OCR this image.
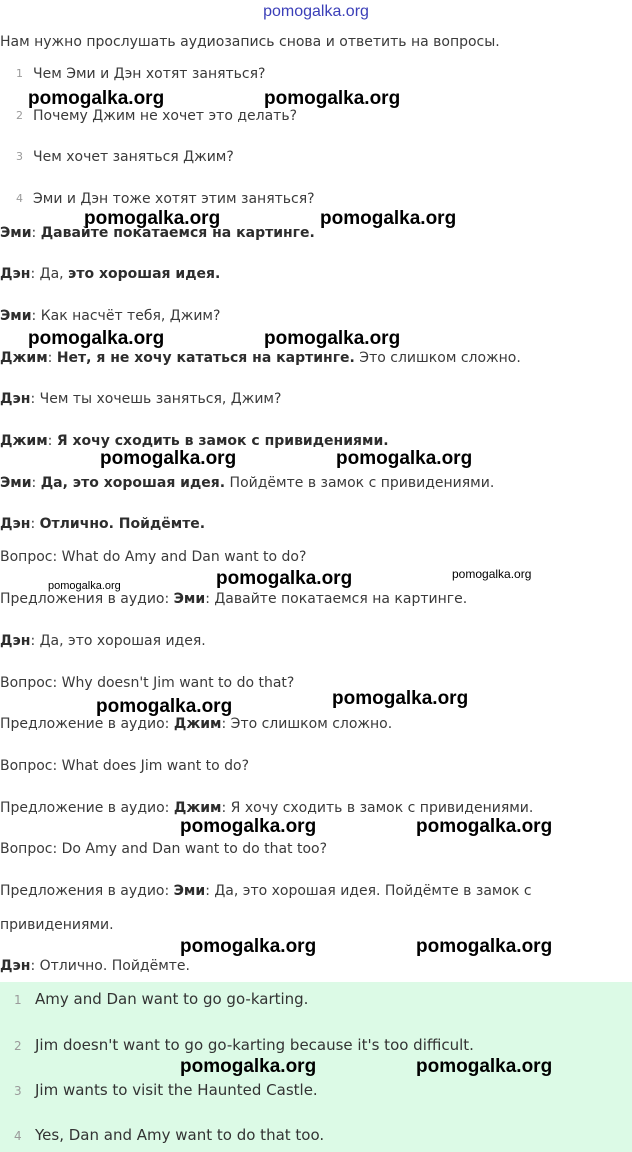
pomogalka.org
Нам нужно прослушать аудиозапись снова и ответить на вопросы.
1 Чем Эми и Дэн хотят заняться?
2 Почему Джим не хочет это делать?
3 Чем хочет заняться Джим?
4 Эми и Дэн тоже хотят этим заняться?
Эми: Давайте покатаемся на картинге.
Дэн: Да, это хорошая идея.
Эми: Как насчёт тебя, Джим?
Джим: Нет, я не хочу кататься на картинге. Это слишком сложно.
Дэн: Чем ты хочешь заняться, Джим?
Джим: Я хочу сходить в замок с привидениями.
Эми: Да, это хорошая идея. Пойдёмте в замок с привидениями.
Дэн: Отлично. Пойдёмте.
Вопрос: What do Amy and Dan want to do?
Предложения в аудио: Эми: Давайте покатаемся на картинге.
Дэн: Да, это хорошая идея.
Вопрос: Why doesn't Jim want to do that?
Предложение в аудио: Джим: Это слишком сложно.
Вопрос: What does Jim want to do?
Предложение в аудио: Джим: Я хочу сходить в замок с привидениями.
Вопрос: Do Amy and Dan want to do that too?
Предложения в аудио: Эми: Да, это хорошая идея. Пойдёмте в замок с
привидениями.
Дэн: Отлично. Пойдёмте.
1 Amy and Dan want to go go-karting.
2 Jim doesn't want to go go-karting because it's too difficult.
3 Jim wants to visit the Haunted Castle.
4 Yes, Dan and Amy want to do that too.
pomogalka.org	pomogalka.org
pomogalka.org	pomogalka.org
pomogalka.org	pomogalka.org
pomogalka.org	pomogalka.org
pomogalka.org	pomogalka.org	pomogalka.org
pomogalka.org
pomogalka.org
pomogalka.org	pomogalka.org
pomogalka.org	pomogalka.org
pomogalka.org	pomogalka.org
